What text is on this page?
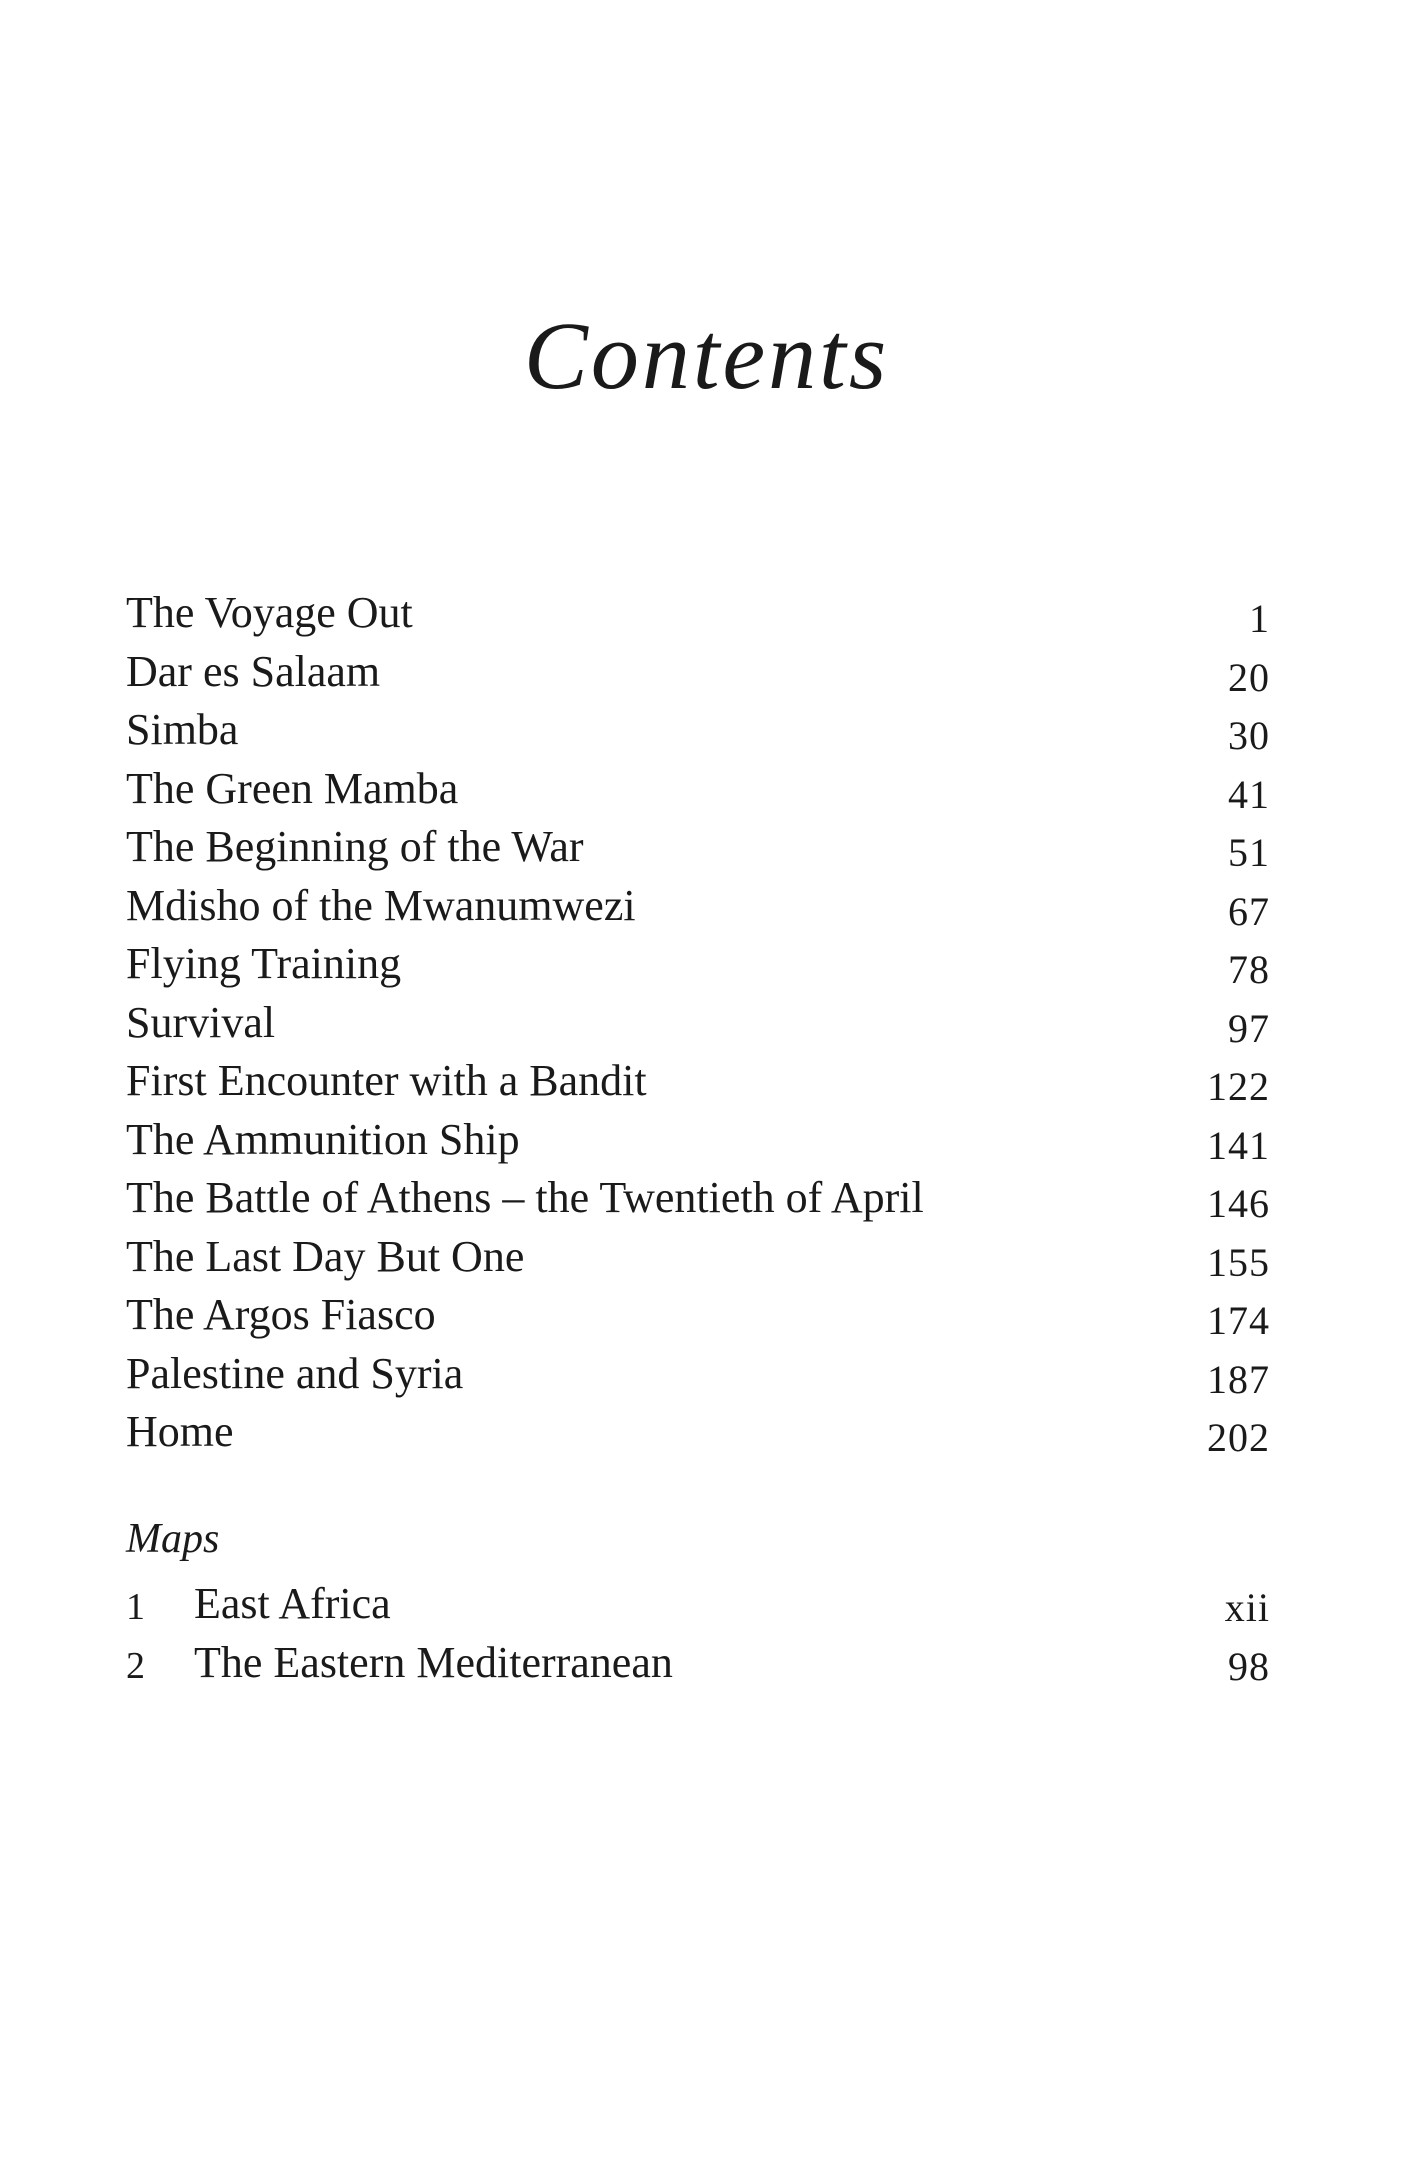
Contents
The Voyage Out	1
Dar es Salaam	20
Simba	30
The Green Mamba	41
The Beginning of the War	51
Mdisho of the Mwanumwezi	67
Flying Training	78
Survival	97
First Encounter with a Bandit	122
The Ammunition Ship	141
The Battle of Athens – the Twentieth of April	146
The Last Day But One	155
The Argos Fiasco	174
Palestine and Syria	187
Home	202
Maps
1 East Africa	xii
2 The Eastern Mediterranean	98
